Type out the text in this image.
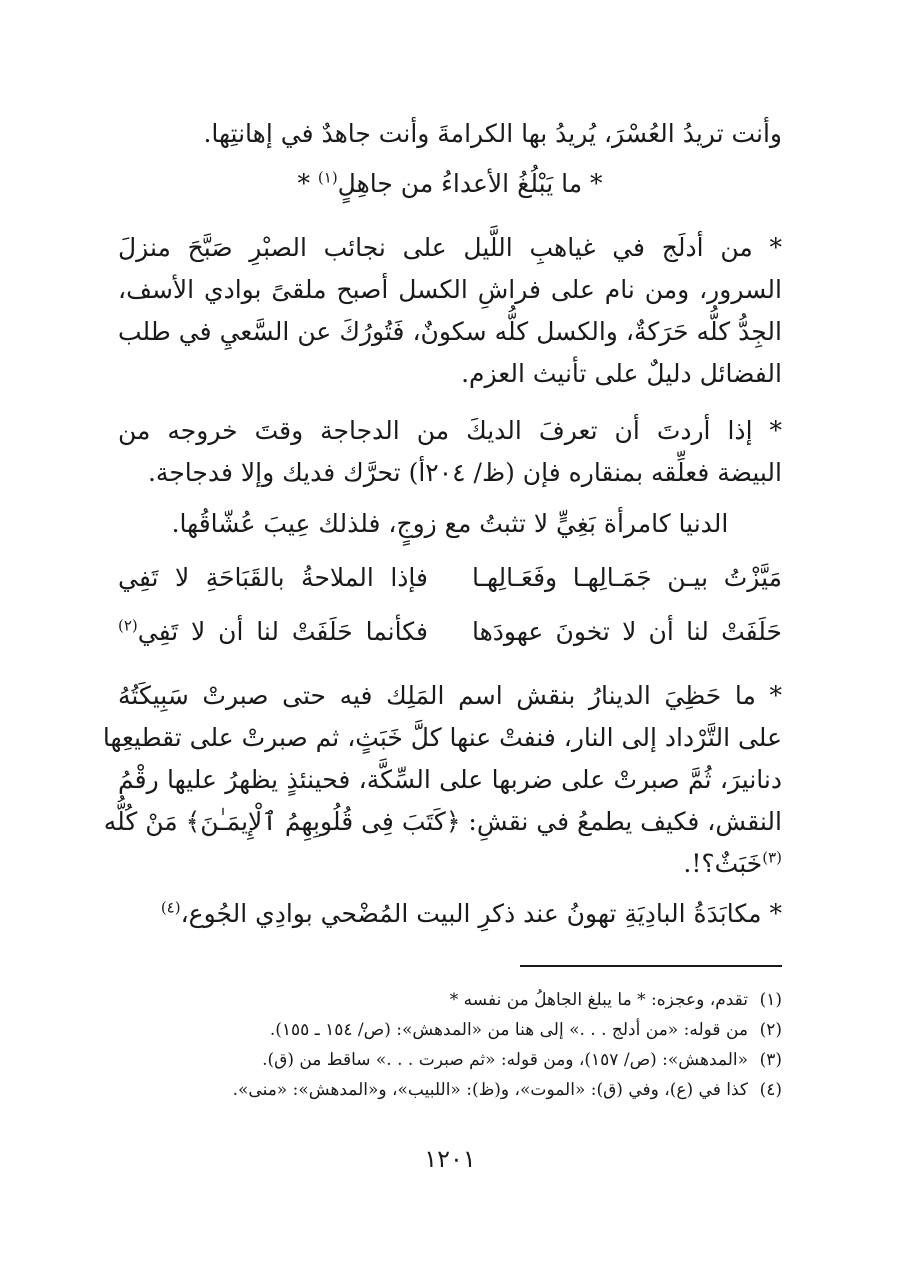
وأنت تريدُ العُسْرَ، يُريدُ بها الكرامةَ وأنت جاهدٌ في إهانتِها.
* ما يَبْلُغُ الأعداءُ من جاهِلٍ$^{(١)}$ *
* من أدلَج في غياهبِ اللَّيل على نجائب الصبْرِ صَبَّحَ منزلَ
السرور، ومن نام على فراشِ الكسل أصبح ملقىً بوادي الأسف،
الجِدُّ كلُّه حَرَكةٌ، والكسل كلُّه سكونٌ، فَتُورُكَ عن السَّعيِ في طلب
الفضائل دليلٌ على تأنيث العزم.
* إذا أردتَ أن تعرفَ الديكَ من الدجاجة وقتَ خروجه من
البيضة فعلِّقه بمنقاره فإن (ظ/ ٢٠٤أ) تحرَّك فديك وإلا فدجاجة.
الدنيا كامرأة بَغِيٍّ لا تثبتُ مع زوجٍ، فلذلك عِيبَ عُشّاقُها.
مَيَّزْتُ بيـن جَمَـالِهـا وفَعَـالِهـا
فإذا الملاحةُ بالقَبَاحَةِ لا تَفِي
حَلَفَتْ لنا أن لا تخونَ عهودَها
فكأنما حَلَفَتْ لنا أن لا تَفِي$^{(٢)}$
* ما حَظِيَ الدينارُ بنقش اسم المَلِك فيه حتى صبرتْ سَبِيكَتُهُ
على التَّرْداد إلى النار، فنفتْ عنها كلَّ خَبَثٍ، ثم صبرتْ على تقطيعِها
دنانيرَ، ثُمَّ صبرتْ على ضربها على السِّكَّة، فحينئذٍ يظهرُ عليها رقْمُ
النقش، فكيف يطمعُ في نقشِ: ﴿كَتَبَ فِى قُلُوبِهِمُ ٱلْإِيمَـٰنَ﴾ مَنْ كُلُّه
$^{(٣)}$خَبَثٌ؟!.
* مكابَدَةُ البادِيَةِ تهونُ عند ذكرِ البيت المُضْحي بوادِي الجُوع،$^{(٤)}$
(١)تقدم، وعجزه: * ما يبلغ الجاهلُ من نفسه *
(٢)من قوله: «من أدلج . . .» إلى هنا من «المدهش»: (ص/ ١٥٤ ـ ١٥٥).
(٣)«المدهش»: (ص/ ١٥٧)، ومن قوله: «ثم صبرت . . .» ساقط من (ق).
(٤)كذا في (ع)، وفي (ق): «الموت»، و(ظ): «اللبيب»، و«المدهش»: «منى».
١٢٠١
